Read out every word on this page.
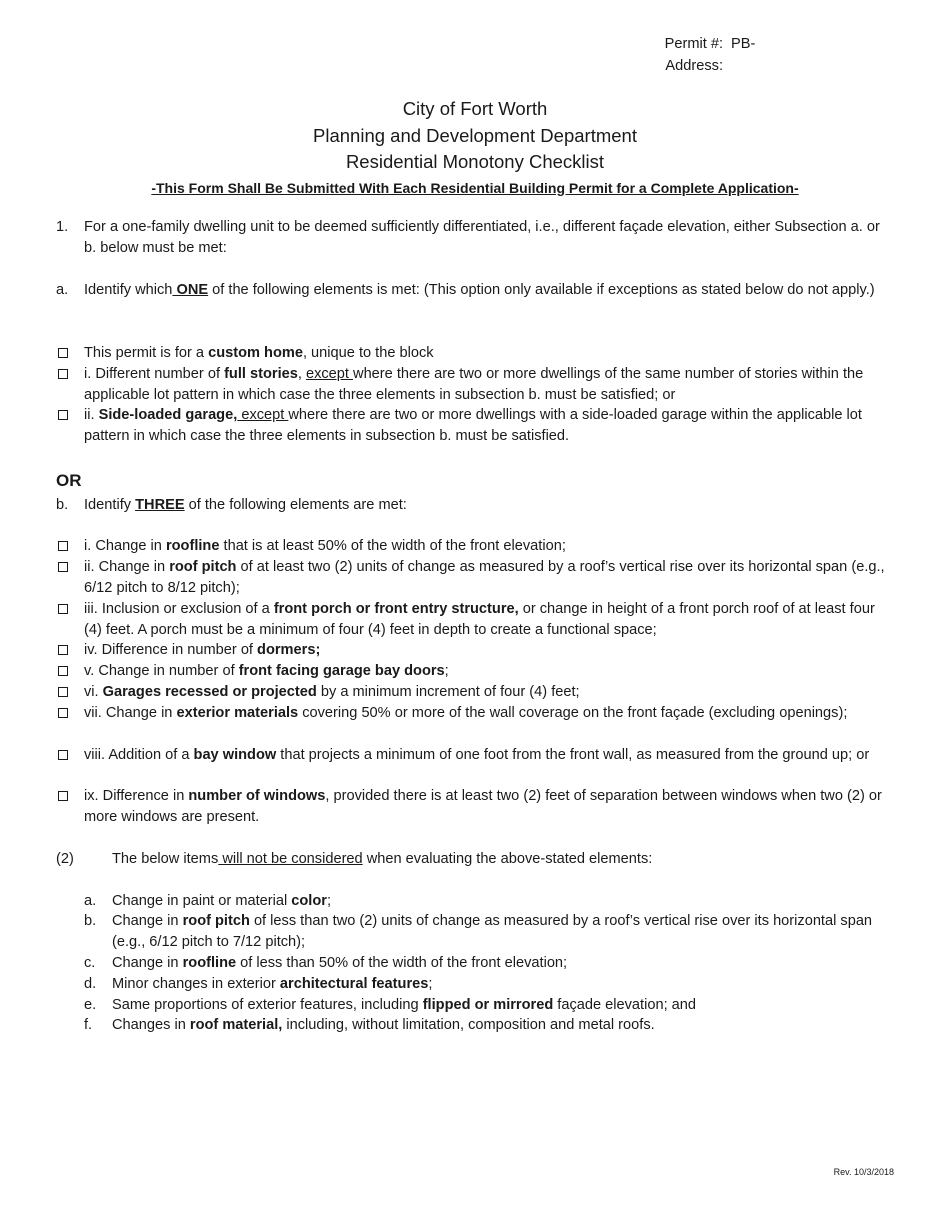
Permit #: PB-
Address:
City of Fort Worth
Planning and Development Department
Residential Monotony Checklist
-This Form Shall Be Submitted With Each Residential Building Permit for a Complete Application-
1. For a one-family dwelling unit to be deemed sufficiently differentiated, i.e., different façade elevation, either Subsection a. or b. below must be met:
a. Identify which ONE of the following elements is met: (This option only available if exceptions as stated below do not apply.)
This permit is for a custom home, unique to the block
i. Different number of full stories, except where there are two or more dwellings of the same number of stories within the applicable lot pattern in which case the three elements in subsection b. must be satisfied; or
ii. Side-loaded garage, except where there are two or more dwellings with a side-loaded garage within the applicable lot pattern in which case the three elements in subsection b. must be satisfied.
OR
b. Identify THREE of the following elements are met:
i. Change in roofline that is at least 50% of the width of the front elevation;
ii. Change in roof pitch of at least two (2) units of change as measured by a roof’s vertical rise over its horizontal span (e.g., 6/12 pitch to 8/12 pitch);
iii. Inclusion or exclusion of a front porch or front entry structure, or change in height of a front porch roof of at least four (4) feet. A porch must be a minimum of four (4) feet in depth to create a functional space;
iv. Difference in number of dormers;
v. Change in number of front facing garage bay doors;
vi. Garages recessed or projected by a minimum increment of four (4) feet;
vii. Change in exterior materials covering 50% or more of the wall coverage on the front façade (excluding openings);
viii. Addition of a bay window that projects a minimum of one foot from the front wall, as measured from the ground up; or
ix. Difference in number of windows, provided there is at least two (2) feet of separation between windows when two (2) or more windows are present.
(2)	The below items will not be considered when evaluating the above-stated elements:
a. Change in paint or material color;
b. Change in roof pitch of less than two (2) units of change as measured by a roof’s vertical rise over its horizontal span (e.g., 6/12 pitch to 7/12 pitch);
c. Change in roofline of less than 50% of the width of the front elevation;
d. Minor changes in exterior architectural features;
e. Same proportions of exterior features, including flipped or mirrored façade elevation; and
f. Changes in roof material, including, without limitation, composition and metal roofs.
Rev. 10/3/2018
